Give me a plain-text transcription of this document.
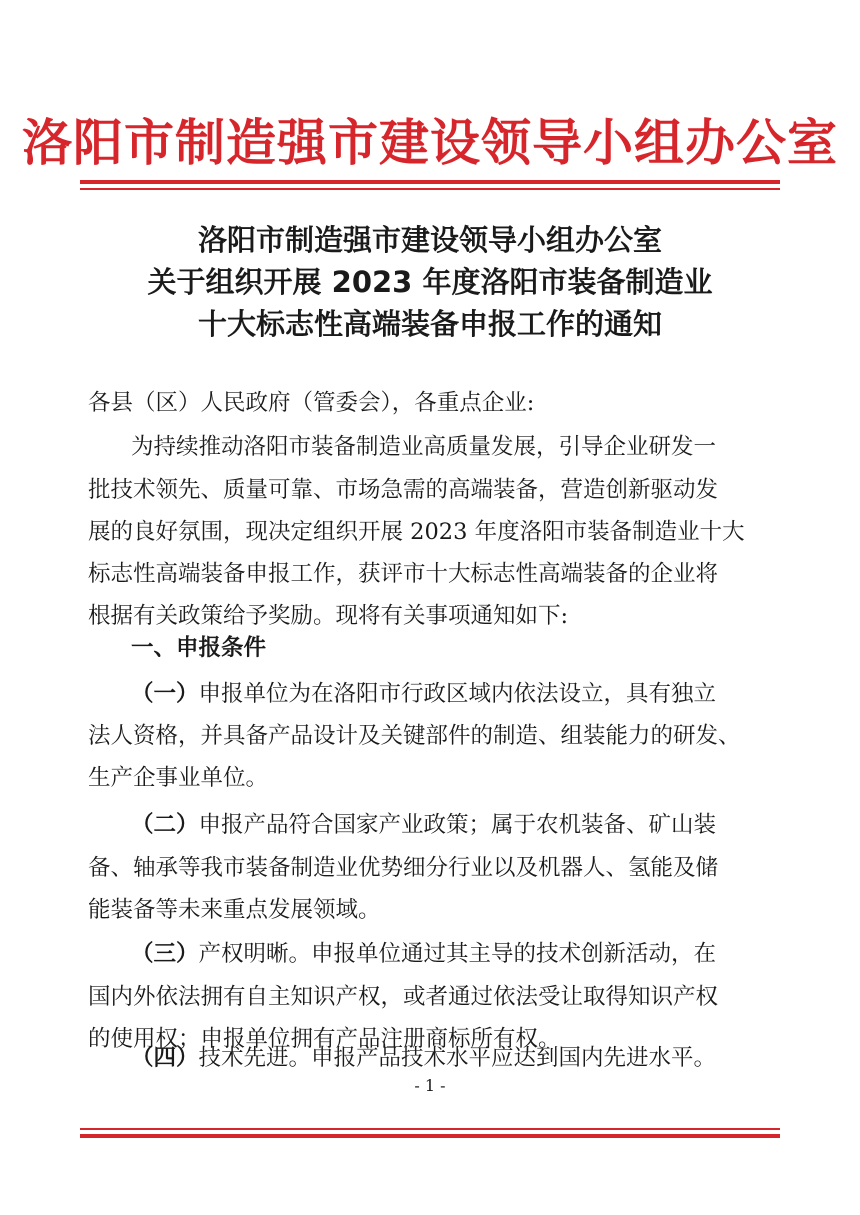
洛阳市制造强市建设领导小组办公室
洛阳市制造强市建设领导小组办公室
关于组织开展 2023 年度洛阳市装备制造业
十大标志性高端装备申报工作的通知
各县（区）人民政府（管委会），各重点企业:
为持续推动洛阳市装备制造业高质量发展，引导企业研发一
批技术领先、质量可靠、市场急需的高端装备，营造创新驱动发
展的良好氛围，现决定组织开展 2023 年度洛阳市装备制造业十大
标志性高端装备申报工作，获评市十大标志性高端装备的企业将
根据有关政策给予奖励。现将有关事项通知如下:
一、申报条件
（一）申报单位为在洛阳市行政区域内依法设立，具有独立
法人资格，并具备产品设计及关键部件的制造、组装能力的研发、
生产企事业单位。
（二）申报产品符合国家产业政策；属于农机装备、矿山装
备、轴承等我市装备制造业优势细分行业以及机器人、氢能及储
能装备等未来重点发展领域。
（三）产权明晰。申报单位通过其主导的技术创新活动，在
国内外依法拥有自主知识产权，或者通过依法受让取得知识产权
的使用权；申报单位拥有产品注册商标所有权。
（四）技术先进。申报产品技术水平应达到国内先进水平。
- 1 -
